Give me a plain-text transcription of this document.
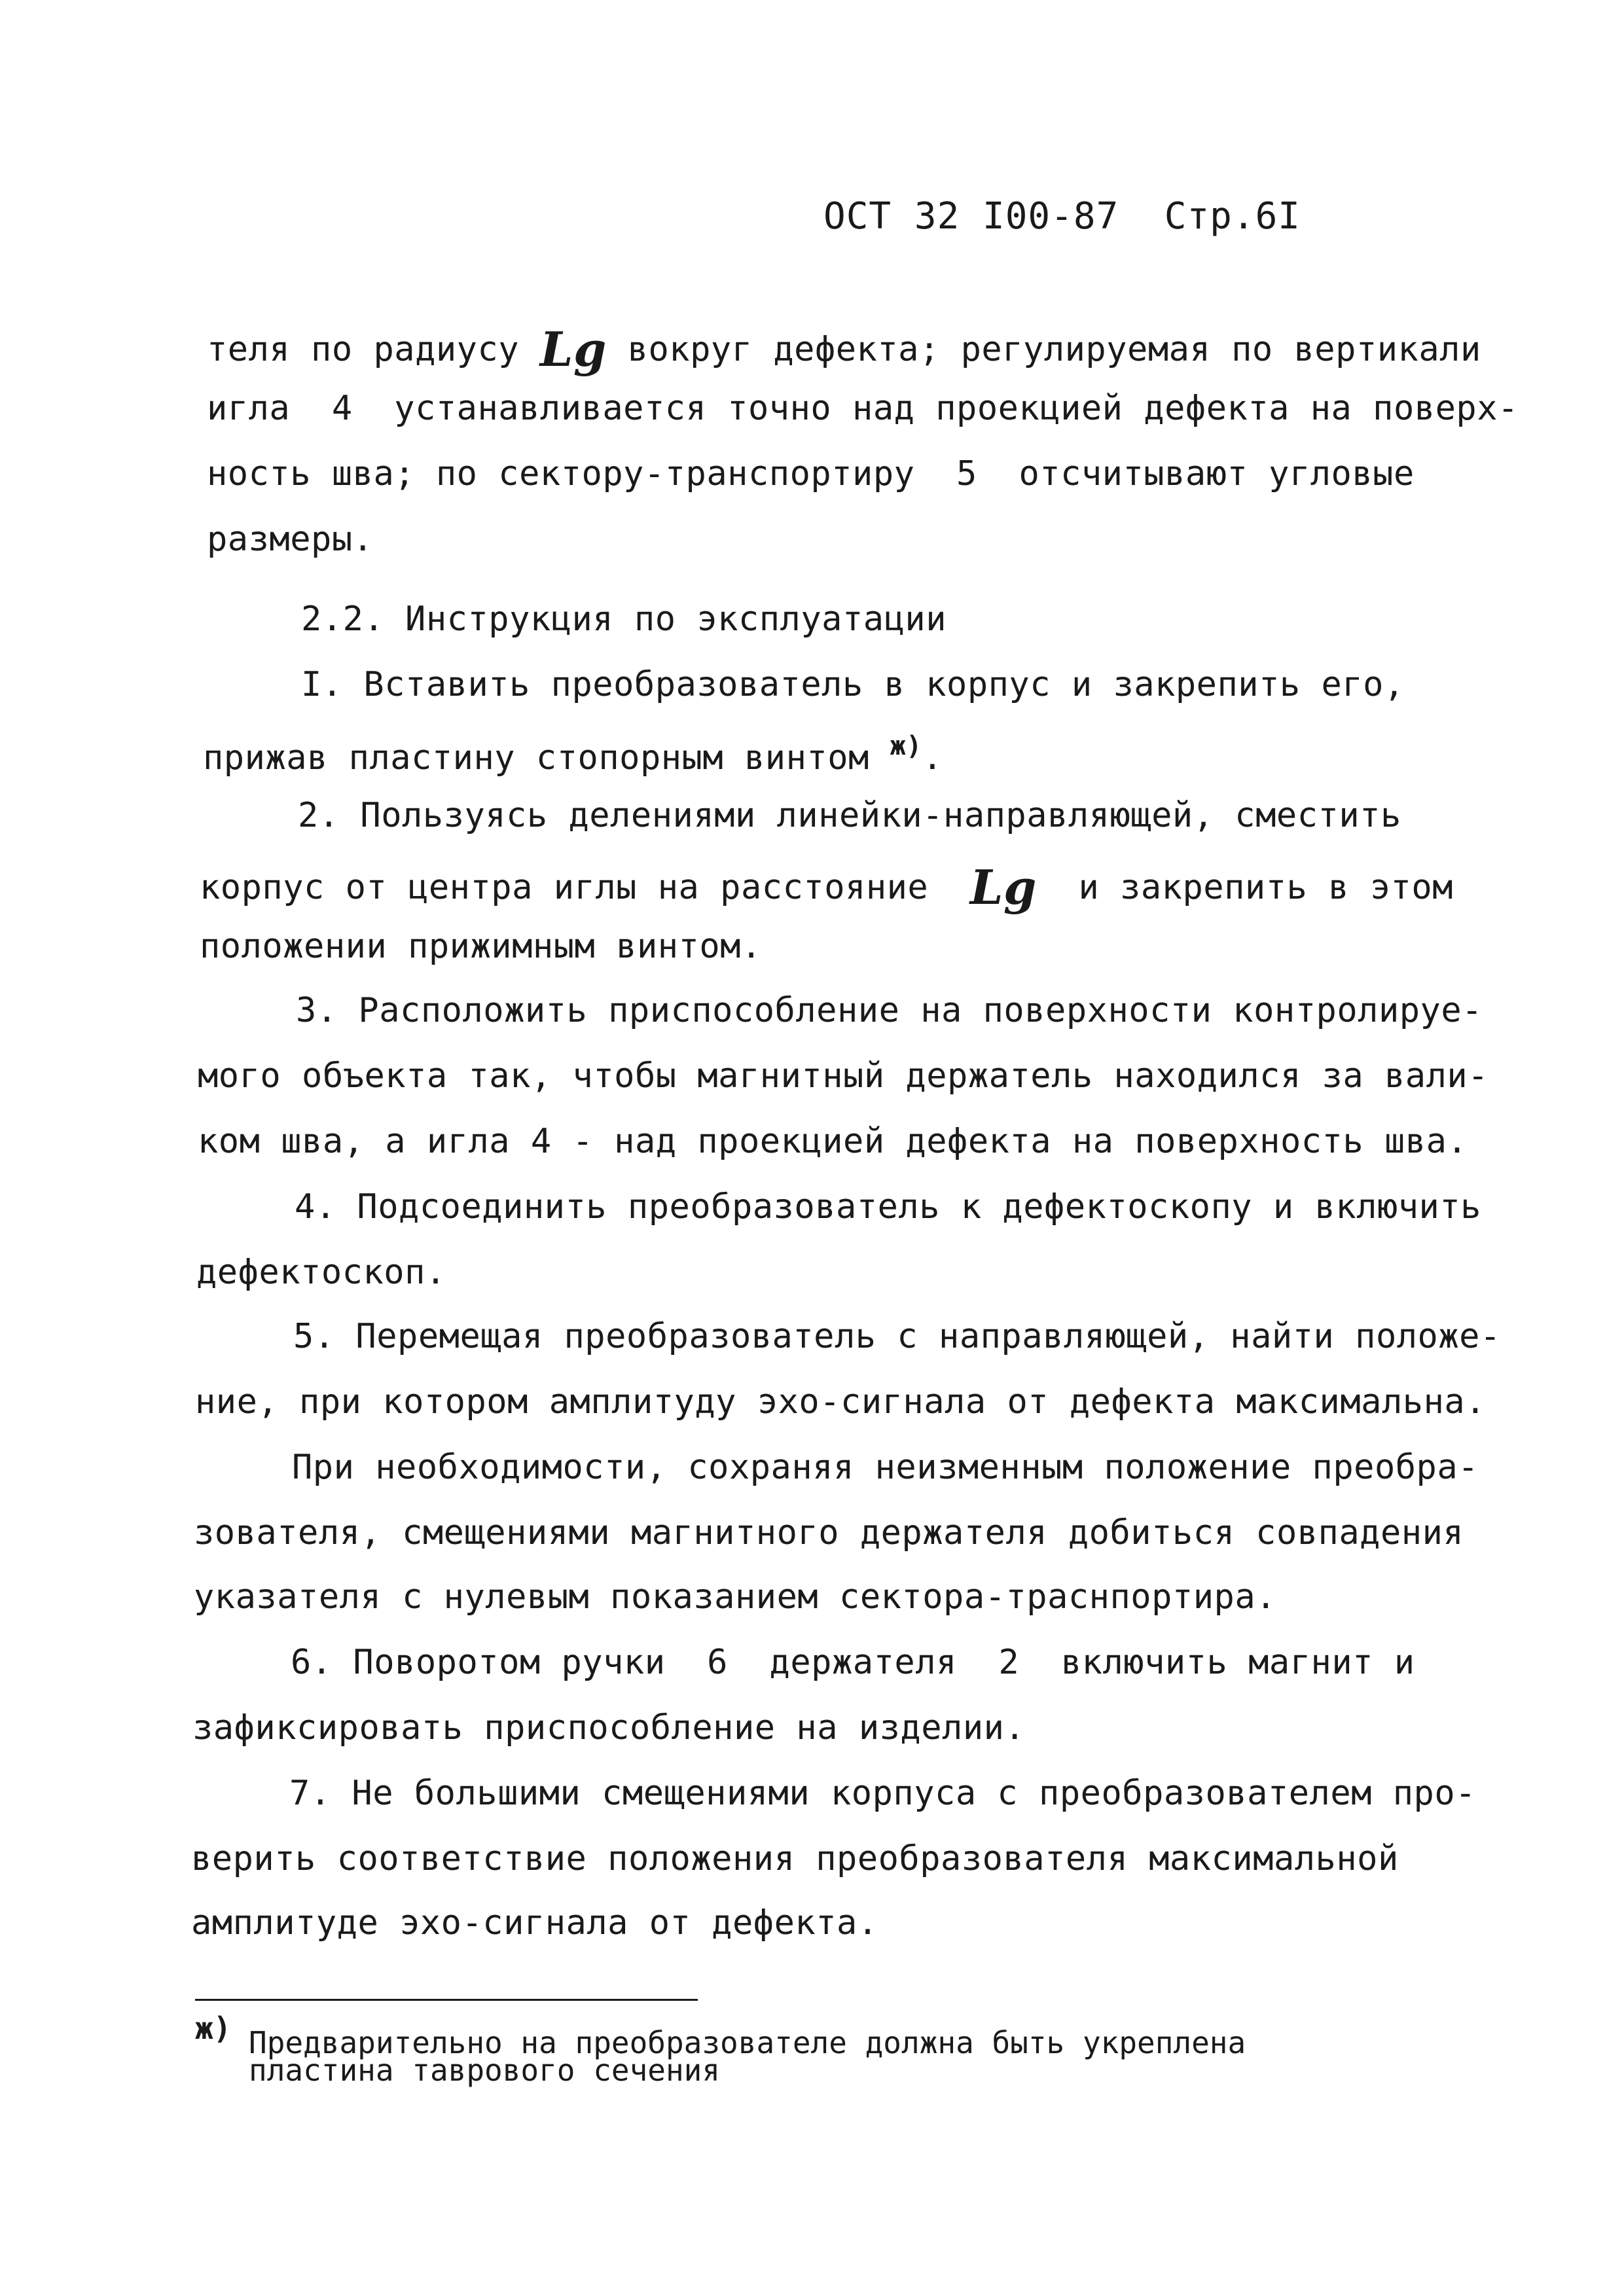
ОСТ 32 I00-87  Стр.6I
теля по радиусу Lg вокруг дефекта; регулируемая по вертикали
игла  4  устанавливается точно над проекцией дефекта на поверх-
ность шва; по сектору-транспортиру  5  отсчитывают угловые
размеры.
2.2. Инструкция по эксплуатации
I. Вставить преобразователь в корпус и закрепить его,
прижав пластину стопорным винтом $^{ж)}$.
2. Пользуясь делениями линейки-направляющей, сместить
корпус от центра иглы на расстояние  Lg  и закрепить в этом
положении прижимным винтом.
3. Расположить приспособление на поверхности контролируе-
мого объекта так, чтобы магнитный держатель находился за вали-
ком шва, а игла 4 - над проекцией дефекта на поверхность шва.
4. Подсоединить преобразователь к дефектоскопу и включить
дефектоскоп.
5. Перемещая преобразователь с направляющей, найти положе-
ние, при котором амплитуду эхо-сигнала от дефекта максимальна.
При необходимости, сохраняя неизменным положение преобра-
зователя, смещениями магнитного держателя добиться совпадения
указателя с нулевым показанием сектора-траснпортира.
6. Поворотом ручки  6  держателя  2  включить магнит и
зафиксировать приспособление на изделии.
7. Не большими смещениями корпуса с преобразователем про-
верить соответствие положения преобразователя максимальной
амплитуде эхо-сигнала от дефекта.
ж) Предварительно на преобразователе должна быть укреплена
пластина таврового сечения
